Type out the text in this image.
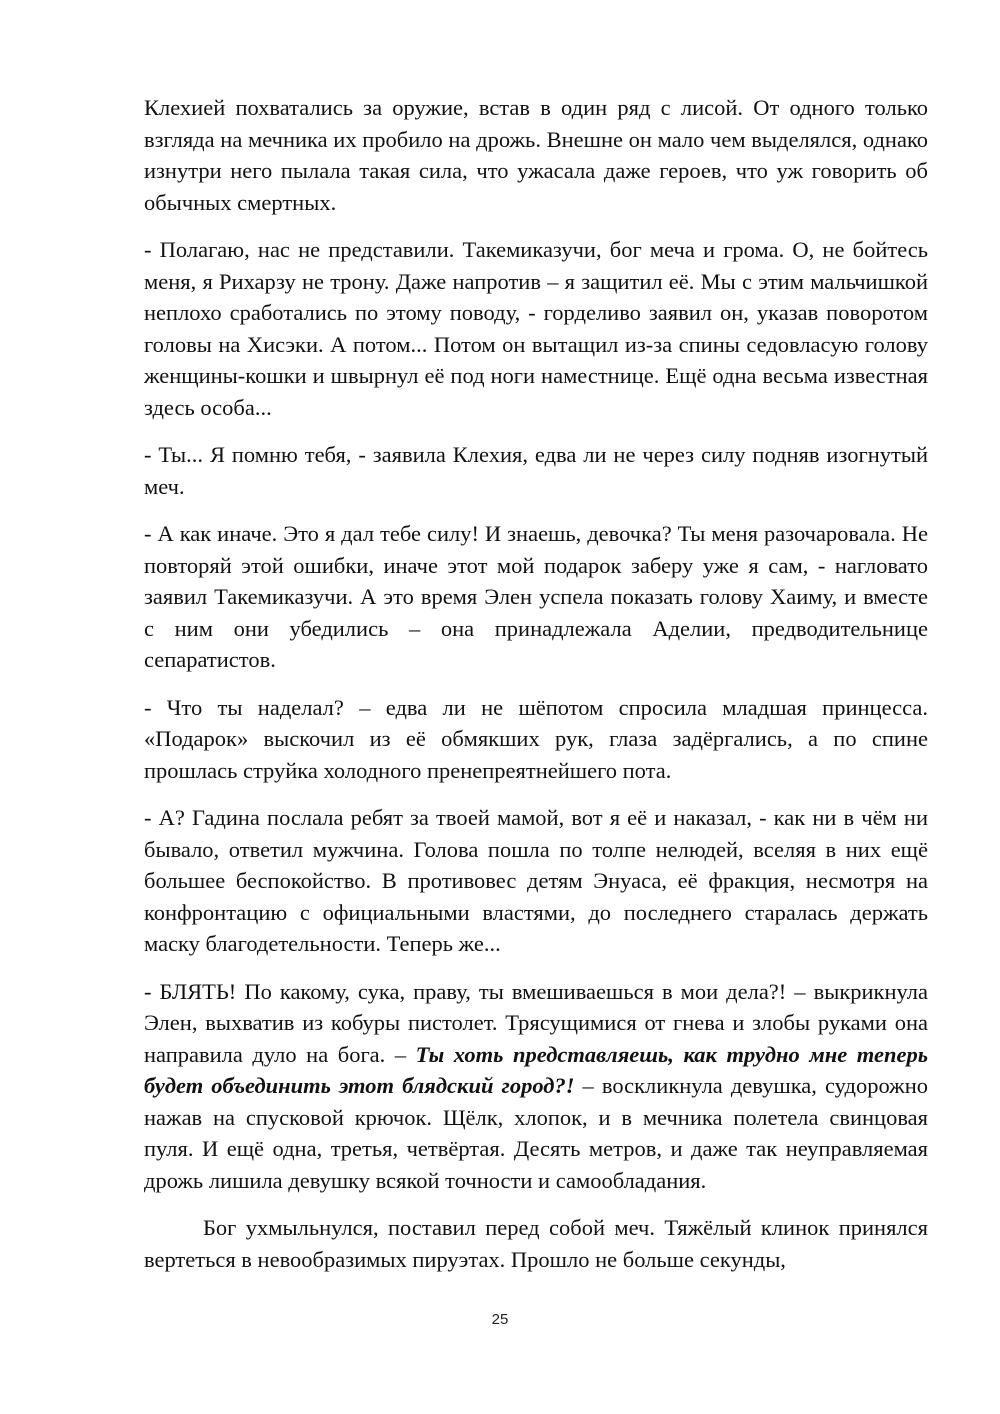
Клехией похватались за оружие, встав в один ряд с лисой. От одного только взгляда на мечника их пробило на дрожь. Внешне он мало чем выделялся, однако изнутри него пылала такая сила, что ужасала даже героев, что уж говорить об обычных смертных.

- Полагаю, нас не представили. Такемиказучи, бог меча и грома. О, не бойтесь меня, я Рихарзу не трону. Даже напротив – я защитил её. Мы с этим мальчишкой неплохо сработались по этому поводу, - горделиво заявил он, указав поворотом головы на Хисэки. А потом... Потом он вытащил из-за спины седовласую голову женщины-кошки и швырнул её под ноги наместнице. Ещё одна весьма известная здесь особа...

- Ты... Я помню тебя, - заявила Клехия, едва ли не через силу подняв изогнутый меч.

- А как иначе. Это я дал тебе силу! И знаешь, девочка? Ты меня разочаровала. Не повторяй этой ошибки, иначе этот мой подарок заберу уже я сам, - нагловато заявил Такемиказучи. А это время Элен успела показать голову Хаиму, и вместе с ним они убедились – она принадлежала Аделии, предводительнице сепаратистов.

- Что ты наделал? – едва ли не шёпотом спросила младшая принцесса. «Подарок» выскочил из её обмякших рук, глаза задёргались, а по спине прошлась струйка холодного пренепреятнейшего пота.

- А? Гадина послала ребят за твоей мамой, вот я её и наказал, - как ни в чём ни бывало, ответил мужчина. Голова пошла по толпе нелюдей, вселяя в них ещё большее беспокойство. В противовес детям Энуаса, её фракция, несмотря на конфронтацию с официальными властями, до последнего старалась держать маску благодетельности. Теперь же...

- БЛЯТЬ! По какому, сука, праву, ты вмешиваешься в мои дела?! – выкрикнула Элен, выхватив из кобуры пистолет. Трясущимися от гнева и злобы руками она направила дуло на бога. – Ты хоть представляешь, как трудно мне теперь будет объединить этот блядский город?! – воскликнула девушка, судорожно нажав на спусковой крючок. Щёлк, хлопок, и в мечника полетела свинцовая пуля. И ещё одна, третья, четвёртая. Десять метров, и даже так неуправляемая дрожь лишила девушку всякой точности и самообладания.

Бог ухмыльнулся, поставил перед собой меч. Тяжёлый клинок принялся вертеться в невообразимых пируэтах. Прошло не больше секунды,

25
